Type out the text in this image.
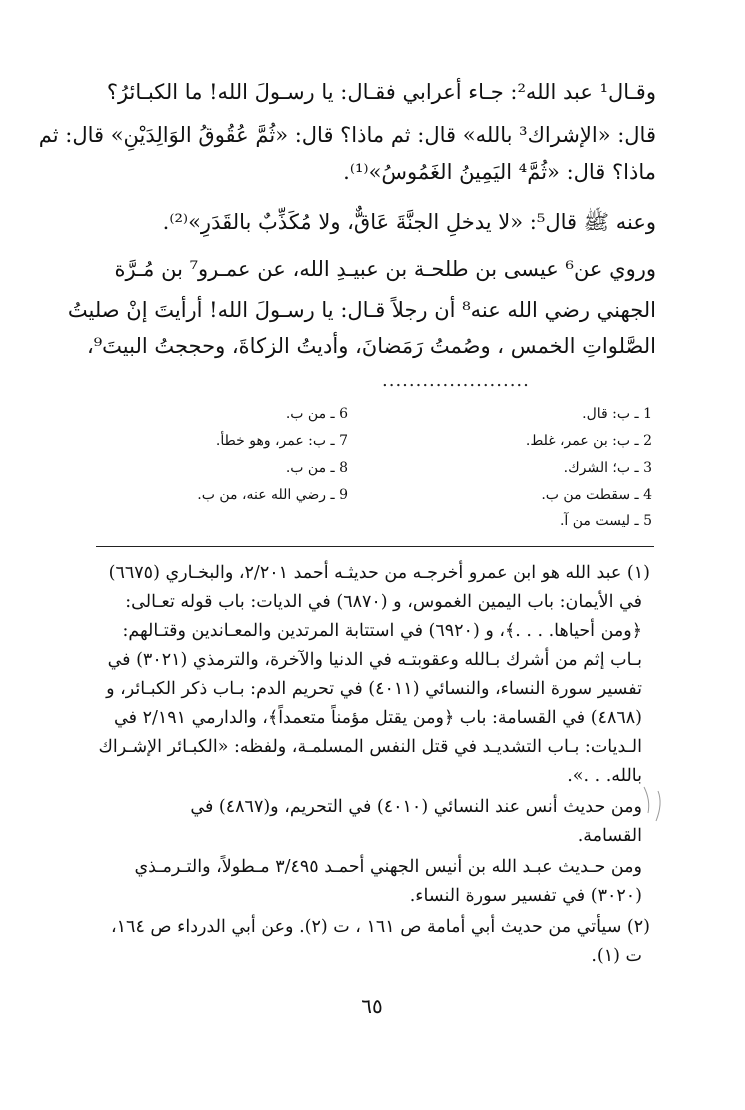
وقـال¹ عبد الله²: جـاء أعرابي فقـال: يا رسـولَ الله! ما الكبـائرُ؟
قال: «الإشراك³ بالله» قال: ثم ماذا؟ قال: «ثُمَّ عُقُوقُ الوَالِدَيْنِ» قال: ثم
ماذا؟ قال: «ثُمَّ⁴ اليَمِينُ الغَمُوسُ»⁽¹⁾.
وعنه ﷺ قال⁵: «لا يدخلِ الجنَّةَ عَاقٌّ، ولا مُكَذِّبٌ بالقَدَرِ»⁽²⁾.
وروي عن⁶ عيسى بن طلحـة بن عبيـدِ الله، عن عمـرو⁷ بن مُـرَّة
الجهني رضي الله عنه⁸ أن رجلاً قـال: يا رسـولَ الله! أرأيتَ إنْ صليتُ
الصَّلواتِ الخمس ، وصُمتُ رَمَضانَ، وأديتُ الزكاةَ، وحججتُ البيتَ⁹،
......................
1 ـ ب: قال.
2 ـ ب: بن عمر، غلط.
3 ـ ب؛ الشرك.
4 ـ سقطت من ب.
5 ـ ليست من آ.
6 ـ من ب.
7 ـ ب: عمر، وهو خطأ.
8 ـ من ب.
9 ـ رضي الله عنه، من ب.
(١) عبد الله هو ابن عمرو أخرجـه من حديثـه أحمد ٢/٢٠١، والبخـاري (٦٦٧٥)
في الأيمان: باب اليمين الغموس، و (٦٨٧٠) في الديات: باب قوله تعـالى:
﴿ومن أحياها. . . .﴾، و (٦٩٢٠) في استتابة المرتدين والمعـاندين وقتـالهم:
بـاب إثم من أشرك بـالله وعقوبتـه في الدنيا والآخرة، والترمذي (٣٠٢١) في
تفسير سورة النساء، والنسائي (٤٠١١) في تحريم الدم: بـاب ذكر الكبـائر، و
(٤٨٦٨) في القسامة: باب ﴿ومن يقتل مؤمناً متعمداً﴾، والدارمي ٢/١٩١ في
الـديات: بـاب التشديـد في قتل النفس المسلمـة، ولفظه: «الكبـائر الإشـراك
بالله. . .».
ومن حديث أنس عند النسائي (٤٠١٠) في التحريم، و(٤٨٦٧) في
القسامة.
ومن حـديث عبـد الله بن أنيس الجهني أحمـد ٣/٤٩٥ مـطولاً، والتـرمـذي
(٣٠٢٠) في تفسير سورة النساء.
(٢) سيأتي من حديث أبي أمامة ص ١٦١ ، ت (٢). وعن أبي الدرداء ص ١٦٤،
ت (١).
٦٥
